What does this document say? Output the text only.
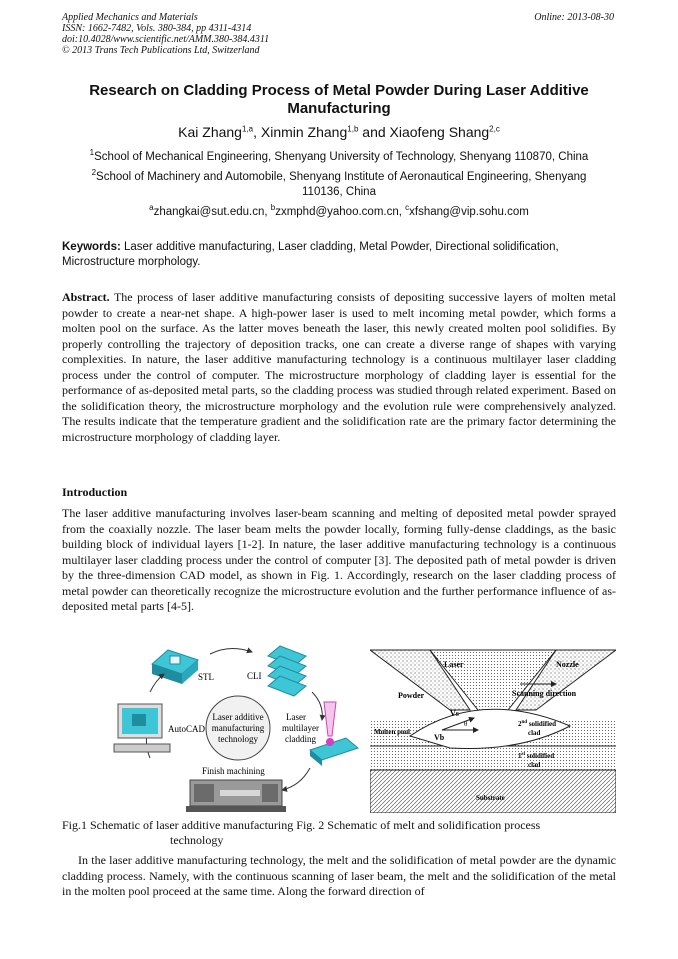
Applied Mechanics and Materials
ISSN: 1662-7482, Vols. 380-384, pp 4311-4314
doi:10.4028/www.scientific.net/AMM.380-384.4311
© 2013 Trans Tech Publications Ltd, Switzerland
Online: 2013-08-30
Research on Cladding Process of Metal Powder During Laser Additive
Manufacturing
Kai Zhang$^{1,a}$, Xinmin Zhang$^{1,b}$ and Xiaofeng Shang$^{2,c}$
$^1$School of Mechanical Engineering, Shenyang University of Technology, Shenyang 110870, China
$^2$School of Machinery and Automobile, Shenyang Institute of Aeronautical Engineering, Shenyang
110136, China
$^a$zhangkai@sut.edu.cn, $^b$zxmphd@yahoo.com.cn, $^c$xfshang@vip.sohu.com
Keywords: Laser additive manufacturing, Laser cladding, Metal Powder, Directional solidification, Microstructure morphology.
Abstract. The process of laser additive manufacturing consists of depositing successive layers of molten metal powder to create a near-net shape. A high-power laser is used to melt incoming metal powder, which forms a molten pool on the surface. As the latter moves beneath the laser, this newly created molten pool solidifies. By properly controlling the trajectory of deposition tracks, one can create a diverse range of shapes with varying complexities. In nature, the laser additive manufacturing technology is a continuous multilayer laser cladding process under the control of computer. The microstructure morphology of cladding layer is essential for the performance of as-deposited metal parts, so the cladding process was studied through related experiment. Based on the solidification theory, the microstructure morphology and the evolution rule were comprehensively analyzed. The results indicate that the temperature gradient and the solidification rate are the primary factor determining the microstructure morphology of cladding layer.
Introduction
The laser additive manufacturing involves laser-beam scanning and melting of deposited metal powder sprayed from the coaxially nozzle. The laser beam melts the powder locally, forming fully-dense claddings, as the basic building block of individual layers [1-2]. In nature, the laser additive manufacturing technology is a continuous multilayer laser cladding process under the control of computer [3]. The deposited path of metal powder is driven by the three-dimension CAD model, as shown in Fig. 1. Accordingly, research on the laser cladding process of metal powder can theoretically recognize the microstructure evolution and the further performance influence of as-deposited metal parts [4-5].
STL	CLI
AutoCAD
Laser additive
manufacturing
technology
Laser
multilayer
cladding
Finish machining
Laser	Nozzle
Scanning direction
Powder
Molten pool
Vs
Vb
θ	2nd solidified
clad
1st solidified
clad
Substrate
Fig.1 Schematic of laser additive manufacturing Fig. 2 Schematic of melt and solidification process
technology
In the laser additive manufacturing technology, the melt and the solidification of metal powder are the dynamic cladding process. Namely, with the continuous scanning of laser beam, the melt and the solidification of the metal in the molten pool proceed at the same time. Along the forward direction of
